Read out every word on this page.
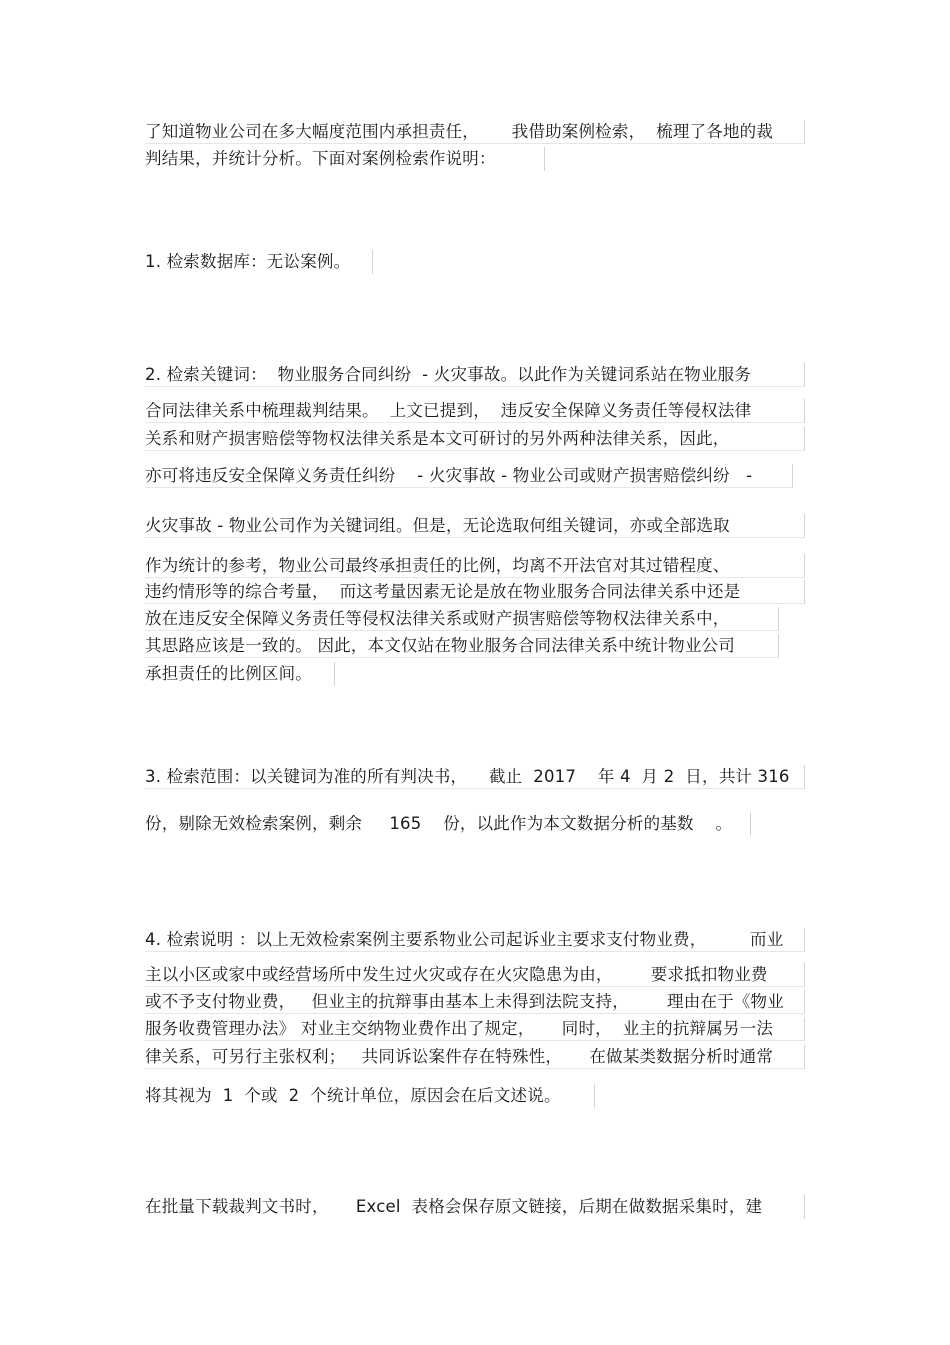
了知道物业公司在多大幅度范围内承担责任，      我借助案例检索，  梳理了各地的裁
判结果，并统计分析。下面对案例检索作说明：
1. 检索数据库：无讼案例。
2. 检索关键词：  物业服务合同纠纷  - 火灾事故。以此作为关键词系站在物业服务
合同法律关系中梳理裁判结果。  上文已提到，  违反安全保障义务责任等侵权法律
关系和财产损害赔偿等物权法律关系是本文可研讨的另外两种法律关系，因此，
亦可将违反安全保障义务责任纠纷    - 火灾事故 - 物业公司或财产损害赔偿纠纷   -
火灾事故 - 物业公司作为关键词组。但是，无论选取何组关键词，亦或全部选取
作为统计的参考，物业公司最终承担责任的比例，均离不开法官对其过错程度、
违约情形等的综合考量，  而这考量因素无论是放在物业服务合同法律关系中还是
放在违反安全保障义务责任等侵权法律关系或财产损害赔偿等物权法律关系中，
其思路应该是一致的。 因此，本文仅站在物业服务合同法律关系中统计物业公司
承担责任的比例区间。
3. 检索范围：以关键词为准的所有判决书，    截止  2017    年 4  月 2  日，共计 316
份，剔除无效检索案例，剩余     165    份，以此作为本文数据分析的基数    。
4. 检索说明 ：以上无效检索案例主要系物业公司起诉业主要求支付物业费，        而业
主以小区或家中或经营场所中发生过火灾或存在火灾隐患为由，       要求抵扣物业费
或不予支付物业费，   但业主的抗辩事由基本上未得到法院支持，       理由在于《物业
服务收费管理办法》 对业主交纳物业费作出了规定，     同时，  业主的抗辩属另一法
律关系，可另行主张权利；   共同诉讼案件存在特殊性，     在做某类数据分析时通常
将其视为  1  个或  2  个统计单位，原因会在后文述说。
在批量下载裁判文书时，     Excel  表格会保存原文链接，后期在做数据采集时，建
